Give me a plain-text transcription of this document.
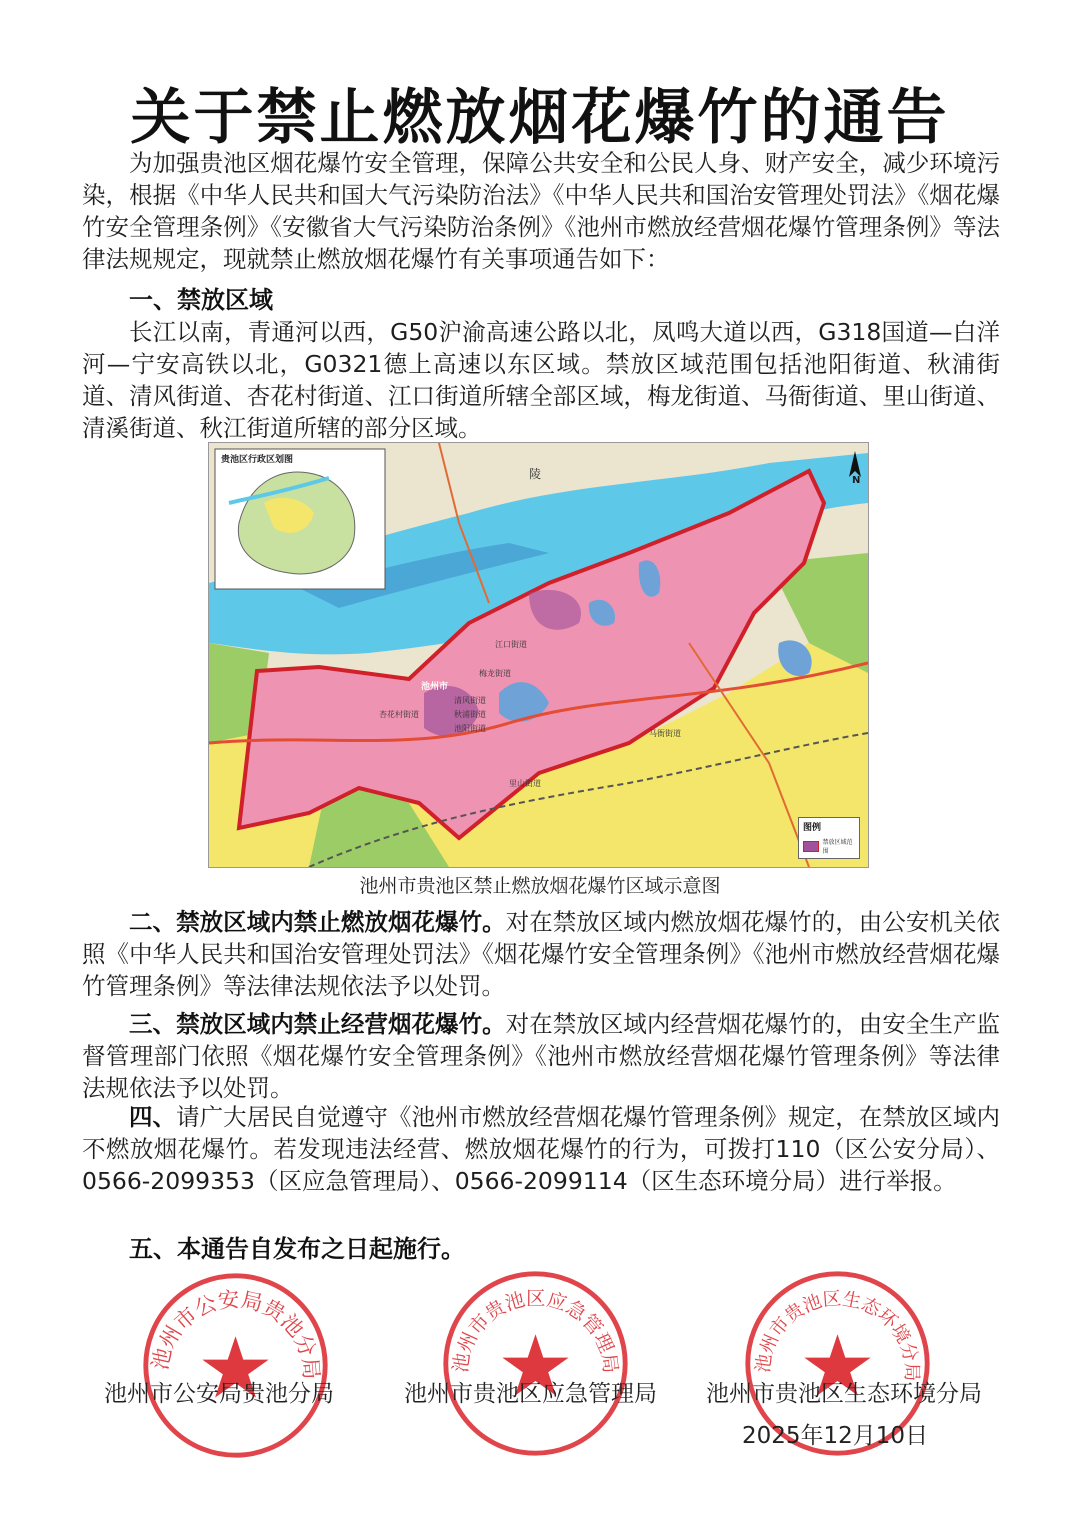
关于禁止燃放烟花爆竹的通告

为加强贵池区烟花爆竹安全管理，保障公共安全和公民人身、财产安全，减少环境污染，根据《中华人民共和国大气污染防治法》《中华人民共和国治安管理处罚法》《烟花爆竹安全管理条例》《安徽省大气污染防治条例》《池州市燃放经营烟花爆竹管理条例》等法律法规规定，现就禁止燃放烟花爆竹有关事项通告如下：

一、禁放区域

长江以南，青通河以西，G50沪渝高速公路以北，凤鸣大道以西，G318国道—白洋河—宁安高铁以北，G0321德上高速以东区域。禁放区域范围包括池阳街道、秋浦街道、清风街道、杏花村街道、江口街道所辖全部区域，梅龙街道、马衙街道、里山街道、清溪街道、秋江街道所辖的部分区域。

贵池区行政区划图
N
陵
池州市
江口街道
池阳街道
秋浦街道
清风街道
杏花村街道
马衙街道
梅龙街道
里山街道
图例
禁放区域范围
池州市贵池区禁止燃放烟花爆竹区域示意图

二、禁放区域内禁止燃放烟花爆竹。对在禁放区域内燃放烟花爆竹的，由公安机关依照《中华人民共和国治安管理处罚法》《烟花爆竹安全管理条例》《池州市燃放经营烟花爆竹管理条例》等法律法规依法予以处罚。

三、禁放区域内禁止经营烟花爆竹。对在禁放区域内经营烟花爆竹的，由安全生产监督管理部门依照《烟花爆竹安全管理条例》《池州市燃放经营烟花爆竹管理条例》等法律法规依法予以处罚。

四、请广大居民自觉遵守《池州市燃放经营烟花爆竹管理条例》规定，在禁放区域内不燃放烟花爆竹。若发现违法经营、燃放烟花爆竹的行为，可拨打110（区公安分局）、0566-2099353（区应急管理局）、0566-2099114（区生态环境分局）进行举报。

五、本通告自发布之日起施行。
池州市公安局贵池分局	池州市贵池区应急管理局	池州市贵池区生态环境分局
池州市公安局贵池分局	池州市贵池区应急管理局 池州市贵池区生态环境分局
2025年12月10日
